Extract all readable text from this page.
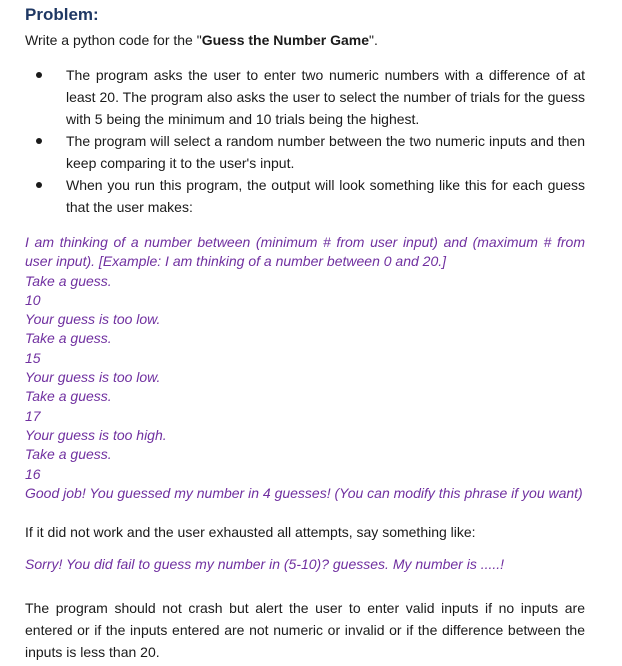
Problem:

Write a python code for the "Guess the Number Game".

The program asks the user to enter two numeric numbers with a difference of at least 20. The program also asks the user to select the number of trials for the guess with 5 being the minimum and 10 trials being the highest.
The program will select a random number between the two numeric inputs and then keep comparing it to the user's input.
When you run this program, the output will look something like this for each guess that the user makes:
I am thinking of a number between (minimum # from user input) and (maximum # from user input). [Example: I am thinking of a number between 0 and 20.]
Take a guess.
10
Your guess is too low.
Take a guess.
15
Your guess is too low.
Take a guess.
17
Your guess is too high.
Take a guess.
16
Good job! You guessed my number in 4 guesses! (You can modify this phrase if you want)

If it did not work and the user exhausted all attempts, say something like:

Sorry! You did fail to guess my number in (5-10)? guesses. My number is .....!

The program should not crash but alert the user to enter valid inputs if no inputs are entered or if the inputs entered are not numeric or invalid or if the difference between the inputs is less than 20.
